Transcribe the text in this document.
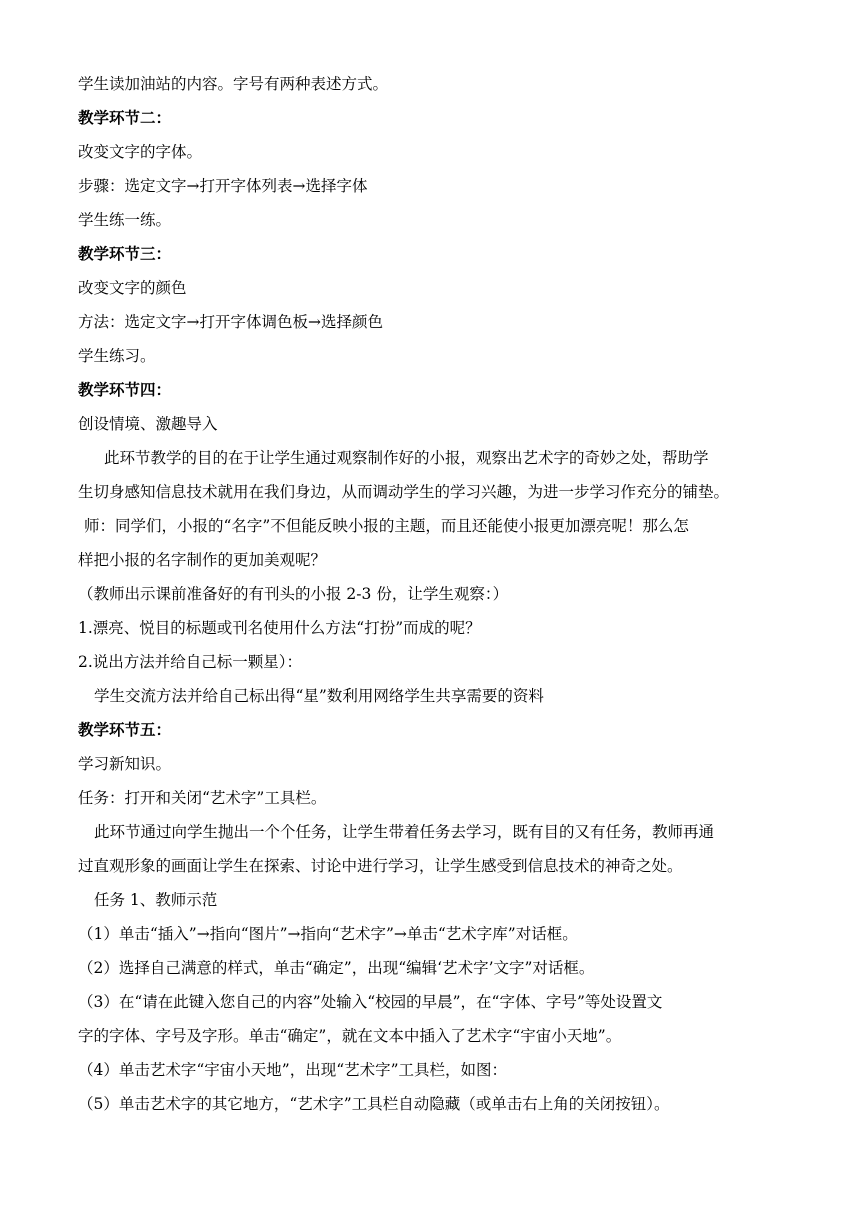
学生读加油站的内容。字号有两种表述方式。
教学环节二：
改变文字的字体。
步骤：选定文字→打开字体列表→选择字体
学生练一练。
教学环节三：
改变文字的颜色
方法：选定文字→打开字体调色板→选择颜色
学生练习。
教学环节四：
创设情境、激趣导入
此环节教学的目的在于让学生通过观察制作好的小报，观察出艺术字的奇妙之处，帮助学
生切身感知信息技术就用在我们身边，从而调动学生的学习兴趣，为进一步学习作充分的铺垫。
师：同学们，小报的“名字”不但能反映小报的主题，而且还能使小报更加漂亮呢！那么怎
样把小报的名字制作的更加美观呢？
（教师出示课前准备好的有刊头的小报 2-3 份，让学生观察：）
1.漂亮、悦目的标题或刊名使用什么方法“打扮”而成的呢？
2.说出方法并给自己标一颗星）：
学生交流方法并给自己标出得“星”数利用网络学生共享需要的资料
教学环节五：
学习新知识。
任务：打开和关闭“艺术字”工具栏。
此环节通过向学生抛出一个个任务，让学生带着任务去学习，既有目的又有任务，教师再通
过直观形象的画面让学生在探索、讨论中进行学习，让学生感受到信息技术的神奇之处。
任务 1、教师示范
（1）单击“插入”→指向“图片”→指向“艺术字”→单击“艺术字库”对话框。
（2）选择自己满意的样式，单击“确定”，出现“编辑‘艺术字’文字”对话框。
（3）在“请在此键入您自己的内容”处输入“校园的早晨”，在“字体、字号”等处设置文
字的字体、字号及字形。单击“确定”，就在文本中插入了艺术字“宇宙小天地”。
（4）单击艺术字“宇宙小天地”，出现“艺术字”工具栏，如图：
（5）单击艺术字的其它地方，“艺术字”工具栏自动隐藏（或单击右上角的关闭按钮）。
